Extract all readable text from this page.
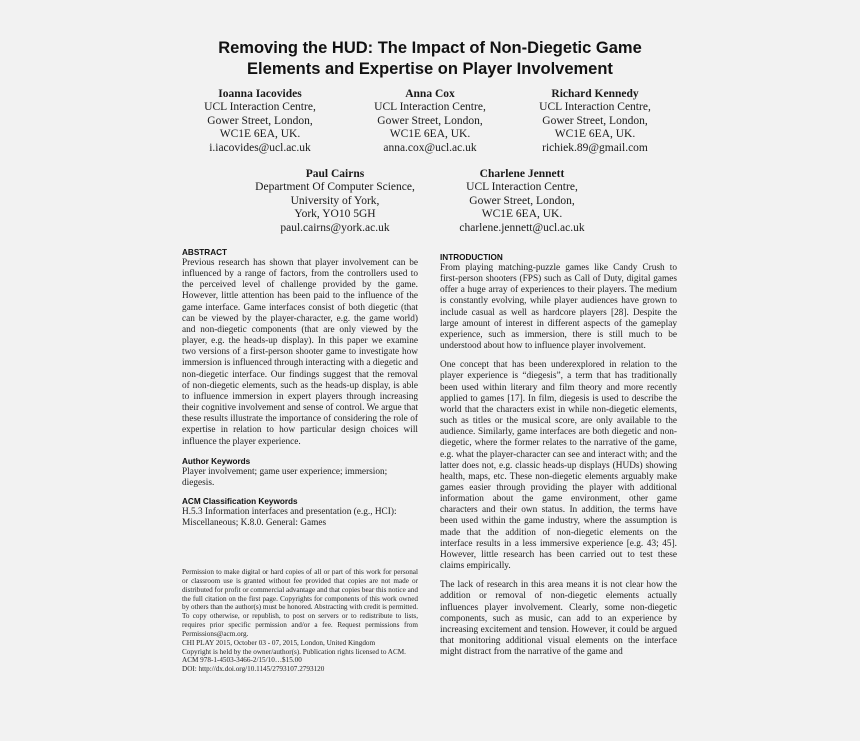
Removing the HUD: The Impact of Non-Diegetic Game
Elements and Expertise on Player Involvement
Ioanna Iacovides
UCL Interaction Centre,
Gower Street, London,
WC1E 6EA, UK.
i.iacovides@ucl.ac.uk
Anna Cox
UCL Interaction Centre,
Gower Street, London,
WC1E 6EA, UK.
anna.cox@ucl.ac.uk
Richard Kennedy
UCL Interaction Centre,
Gower Street, London,
WC1E 6EA, UK.
richiek.89@gmail.com
Paul Cairns
Department Of Computer Science,
University of York,
York, YO10 5GH
paul.cairns@york.ac.uk
Charlene Jennett
UCL Interaction Centre,
Gower Street, London,
WC1E 6EA, UK.
charlene.jennett@ucl.ac.uk
ABSTRACT

Previous research has shown that player involvement can be influenced by a range of factors, from the controllers used to the perceived level of challenge provided by the game. However, little attention has been paid to the influence of the game interface. Game interfaces consist of both diegetic (that can be viewed by the player-character, e.g. the game world) and non-diegetic components (that are only viewed by the player, e.g. the heads-up display). In this paper we examine two versions of a first-person shooter game to investigate how immersion is influenced through interacting with a diegetic and non-diegetic interface. Our findings suggest that the removal of non-diegetic elements, such as the heads-up display, is able to influence immersion in expert players through increasing their cognitive involvement and sense of control. We argue that these results illustrate the importance of considering the role of expertise in relation to how particular design choices will influence the player experience.

Author Keywords

Player involvement; game user experience; immersion; diegesis.

ACM Classification Keywords

H.5.3 Information interfaces and presentation (e.g., HCI): Miscellaneous; K.8.0. General: Games

Permission to make digital or hard copies of all or part of this work for personal or classroom use is granted without fee provided that copies are not made or distributed for profit or commercial advantage and that copies bear this notice and the full citation on the first page. Copyrights for components of this work owned by others than the author(s) must be honored. Abstracting with credit is permitted. To copy otherwise, or republish, to post on servers or to redistribute to lists, requires prior specific permission and/or a fee. Request permissions from Permissions@acm.org.
CHI PLAY 2015, October 03 - 07, 2015, London, United Kingdom
Copyright is held by the owner/author(s). Publication rights licensed to ACM.
ACM 978-1-4503-3466-2/15/10…$15.00
DOI: http://dx.doi.org/10.1145/2793107.2793120
INTRODUCTION

From playing matching-puzzle games like Candy Crush to first-person shooters (FPS) such as Call of Duty, digital games offer a huge array of experiences to their players. The medium is constantly evolving, while player audiences have grown to include casual as well as hardcore players [28]. Despite the large amount of interest in different aspects of the gameplay experience, such as immersion, there is still much to be understood about how to influence player involvement.

One concept that has been underexplored in relation to the player experience is “diegesis”, a term that has traditionally been used within literary and film theory and more recently applied to games [17]. In film, diegesis is used to describe the world that the characters exist in while non-diegetic elements, such as titles or the musical score, are only available to the audience. Similarly, game interfaces are both diegetic and non-diegetic, where the former relates to the narrative of the game, e.g. what the player-character can see and interact with; and the latter does not, e.g. classic heads-up displays (HUDs) showing health, maps, etc. These non-diegetic elements arguably make games easier through providing the player with additional information about the game environment, other game characters and their own status. In addition, the terms have been used within the game industry, where the assumption is made that the addition of non-diegetic elements on the interface results in a less immersive experience [e.g. 43; 45]. However, little research has been carried out to test these claims empirically.

The lack of research in this area means it is not clear how the addition or removal of non-diegetic elements actually influences player involvement. Clearly, some non-diegetic components, such as music, can add to an experience by increasing excitement and tension. However, it could be argued that monitoring additional visual elements on the interface might distract from the narrative of the game and
